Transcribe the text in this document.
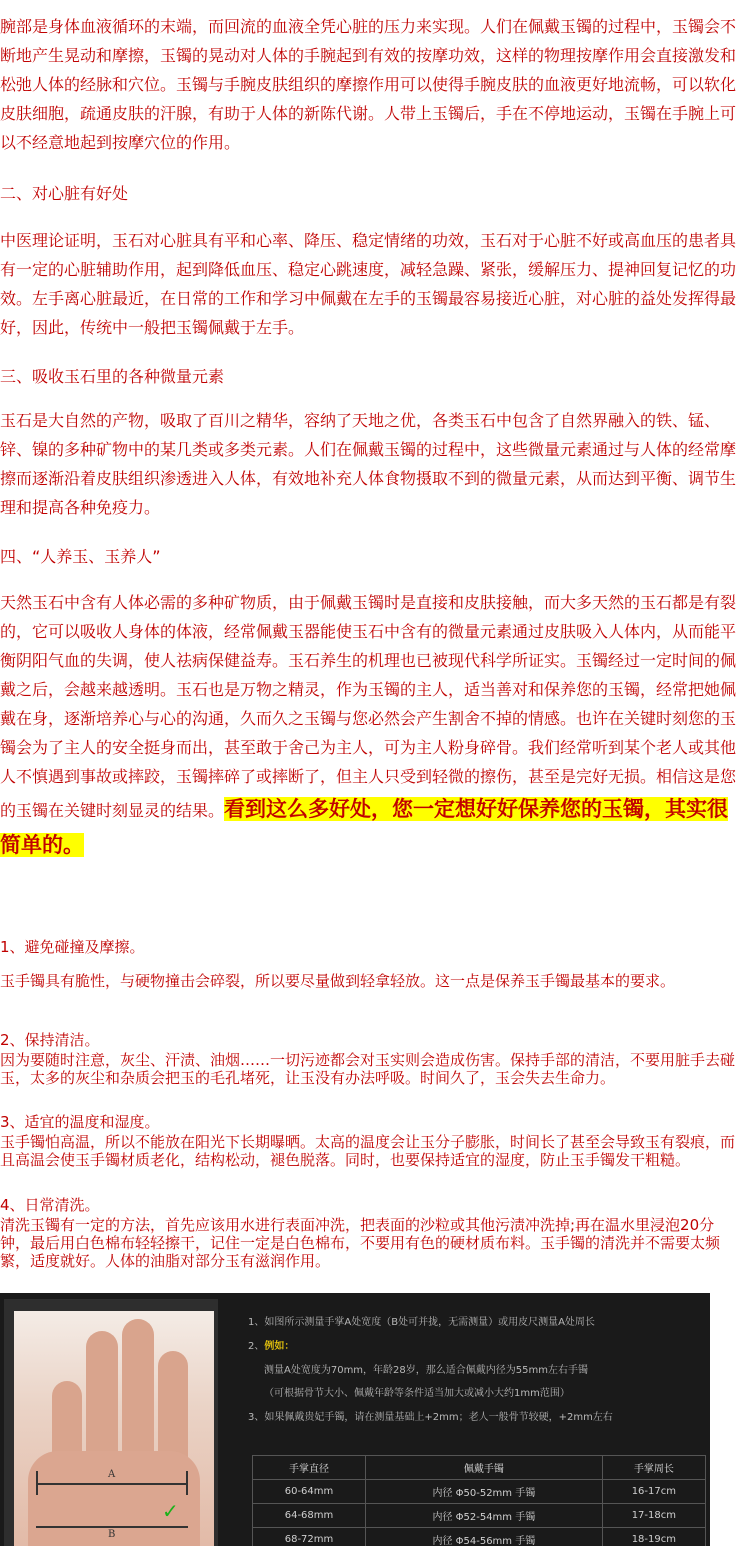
腕部是身体血液循环的末端，而回流的血液全凭心脏的压力来实现。人们在佩戴玉镯的过程中，玉镯会不断地产生晃动和摩擦，玉镯的晃动对人体的手腕起到有效的按摩功效，这样的物理按摩作用会直接激发和松弛人体的经脉和穴位。玉镯与手腕皮肤组织的摩擦作用可以使得手腕皮肤的血液更好地流畅，可以软化皮肤细胞，疏通皮肤的汗腺，有助于人体的新陈代谢。人带上玉镯后，手在不停地运动，玉镯在手腕上可以不经意地起到按摩穴位的作用。

二、对心脏有好处

中医理论证明，玉石对心脏具有平和心率、降压、稳定情绪的功效，玉石对于心脏不好或高血压的患者具有一定的心脏辅助作用，起到降低血压、稳定心跳速度，减轻急躁、紧张，缓解压力、提神回复记忆的功效。左手离心脏最近，在日常的工作和学习中佩戴在左手的玉镯最容易接近心脏，对心脏的益处发挥得最好，因此，传统中一般把玉镯佩戴于左手。

三、吸收玉石里的各种微量元素

玉石是大自然的产物，吸取了百川之精华，容纳了天地之优，各类玉石中包含了自然界融入的铁、锰、锌、镍的多种矿物中的某几类或多类元素。人们在佩戴玉镯的过程中，这些微量元素通过与人体的经常摩擦而逐渐沿着皮肤组织渗透进入人体，有效地补充人体食物摄取不到的微量元素，从而达到平衡、调节生理和提高各种免疫力。

四、“人养玉、玉养人”

天然玉石中含有人体必需的多种矿物质，由于佩戴玉镯时是直接和皮肤接触，而大多天然的玉石都是有裂的，它可以吸收人身体的体液，经常佩戴玉器能使玉石中含有的微量元素通过皮肤吸入人体内，从而能平衡阴阳气血的失调，使人祛病保健益寿。玉石养生的机理也已被现代科学所证实。玉镯经过一定时间的佩戴之后，会越来越透明。玉石也是万物之精灵，作为玉镯的主人，适当善对和保养您的玉镯，经常把她佩戴在身，逐渐培养心与心的沟通，久而久之玉镯与您必然会产生割舍不掉的情感。也许在关键时刻您的玉镯会为了主人的安全挺身而出，甚至敢于舍己为主人，可为主人粉身碎骨。我们经常听到某个老人或其他人不慎遇到事故或摔跤，玉镯摔碎了或摔断了，但主人只受到轻微的擦伤，甚至是完好无损。相信这是您的玉镯在关键时刻显灵的结果。看到这么多好处，您一定想好好保养您的玉镯，其实很简单的。

1、避免碰撞及摩擦。

玉手镯具有脆性，与硬物撞击会碎裂，所以要尽量做到轻拿轻放。这一点是保养玉手镯最基本的要求。

2、保持清洁。

因为要随时注意，灰尘、汗渍、油烟……一切污迹都会对玉实则会造成伤害。保持手部的清洁，不要用脏手去碰玉，太多的灰尘和杂质会把玉的毛孔堵死，让玉没有办法呼吸。时间久了，玉会失去生命力。

3、适宜的温度和湿度。

玉手镯怕高温，所以不能放在阳光下长期曝晒。太高的温度会让玉分子膨胀，时间长了甚至会导致玉有裂痕，而且高温会使玉手镯材质老化，结构松动，褪色脱落。同时，也要保持适宜的湿度，防止玉手镯发干粗糙。

4、日常清洗。

清洗玉镯有一定的方法，首先应该用水进行表面冲洗，把表面的沙粒或其他污渍冲洗掉;再在温水里浸泡20分钟，最后用白色棉布轻轻擦干，记住一定是白色棉布，不要用有色的硬材质布料。玉手镯的清洗并不需要太频繁，适度就好。人体的油脂对部分玉有滋润作用。

A
B
✓
1、如图所示测量手掌A处宽度（B处可并拢，无需测量）或用皮尺测量A处周长
2、例如：
测量A处宽度为70mm，年龄28岁，那么适合佩戴内径为55mm左右手镯
（可根据骨节大小、佩戴年龄等条件适当加大或减小大约1mm范围）
3、如果佩戴贵妃手镯，请在测量基础上+2mm；老人一般骨节较硬，+2mm左右
手掌直径	佩戴手镯	手掌周长
60-64mm	内径 Φ50-52mm 手镯	16-17cm
64-68mm	内径 Φ52-54mm 手镯	17-18cm
68-72mm	内径 Φ54-56mm 手镯	18-19cm
